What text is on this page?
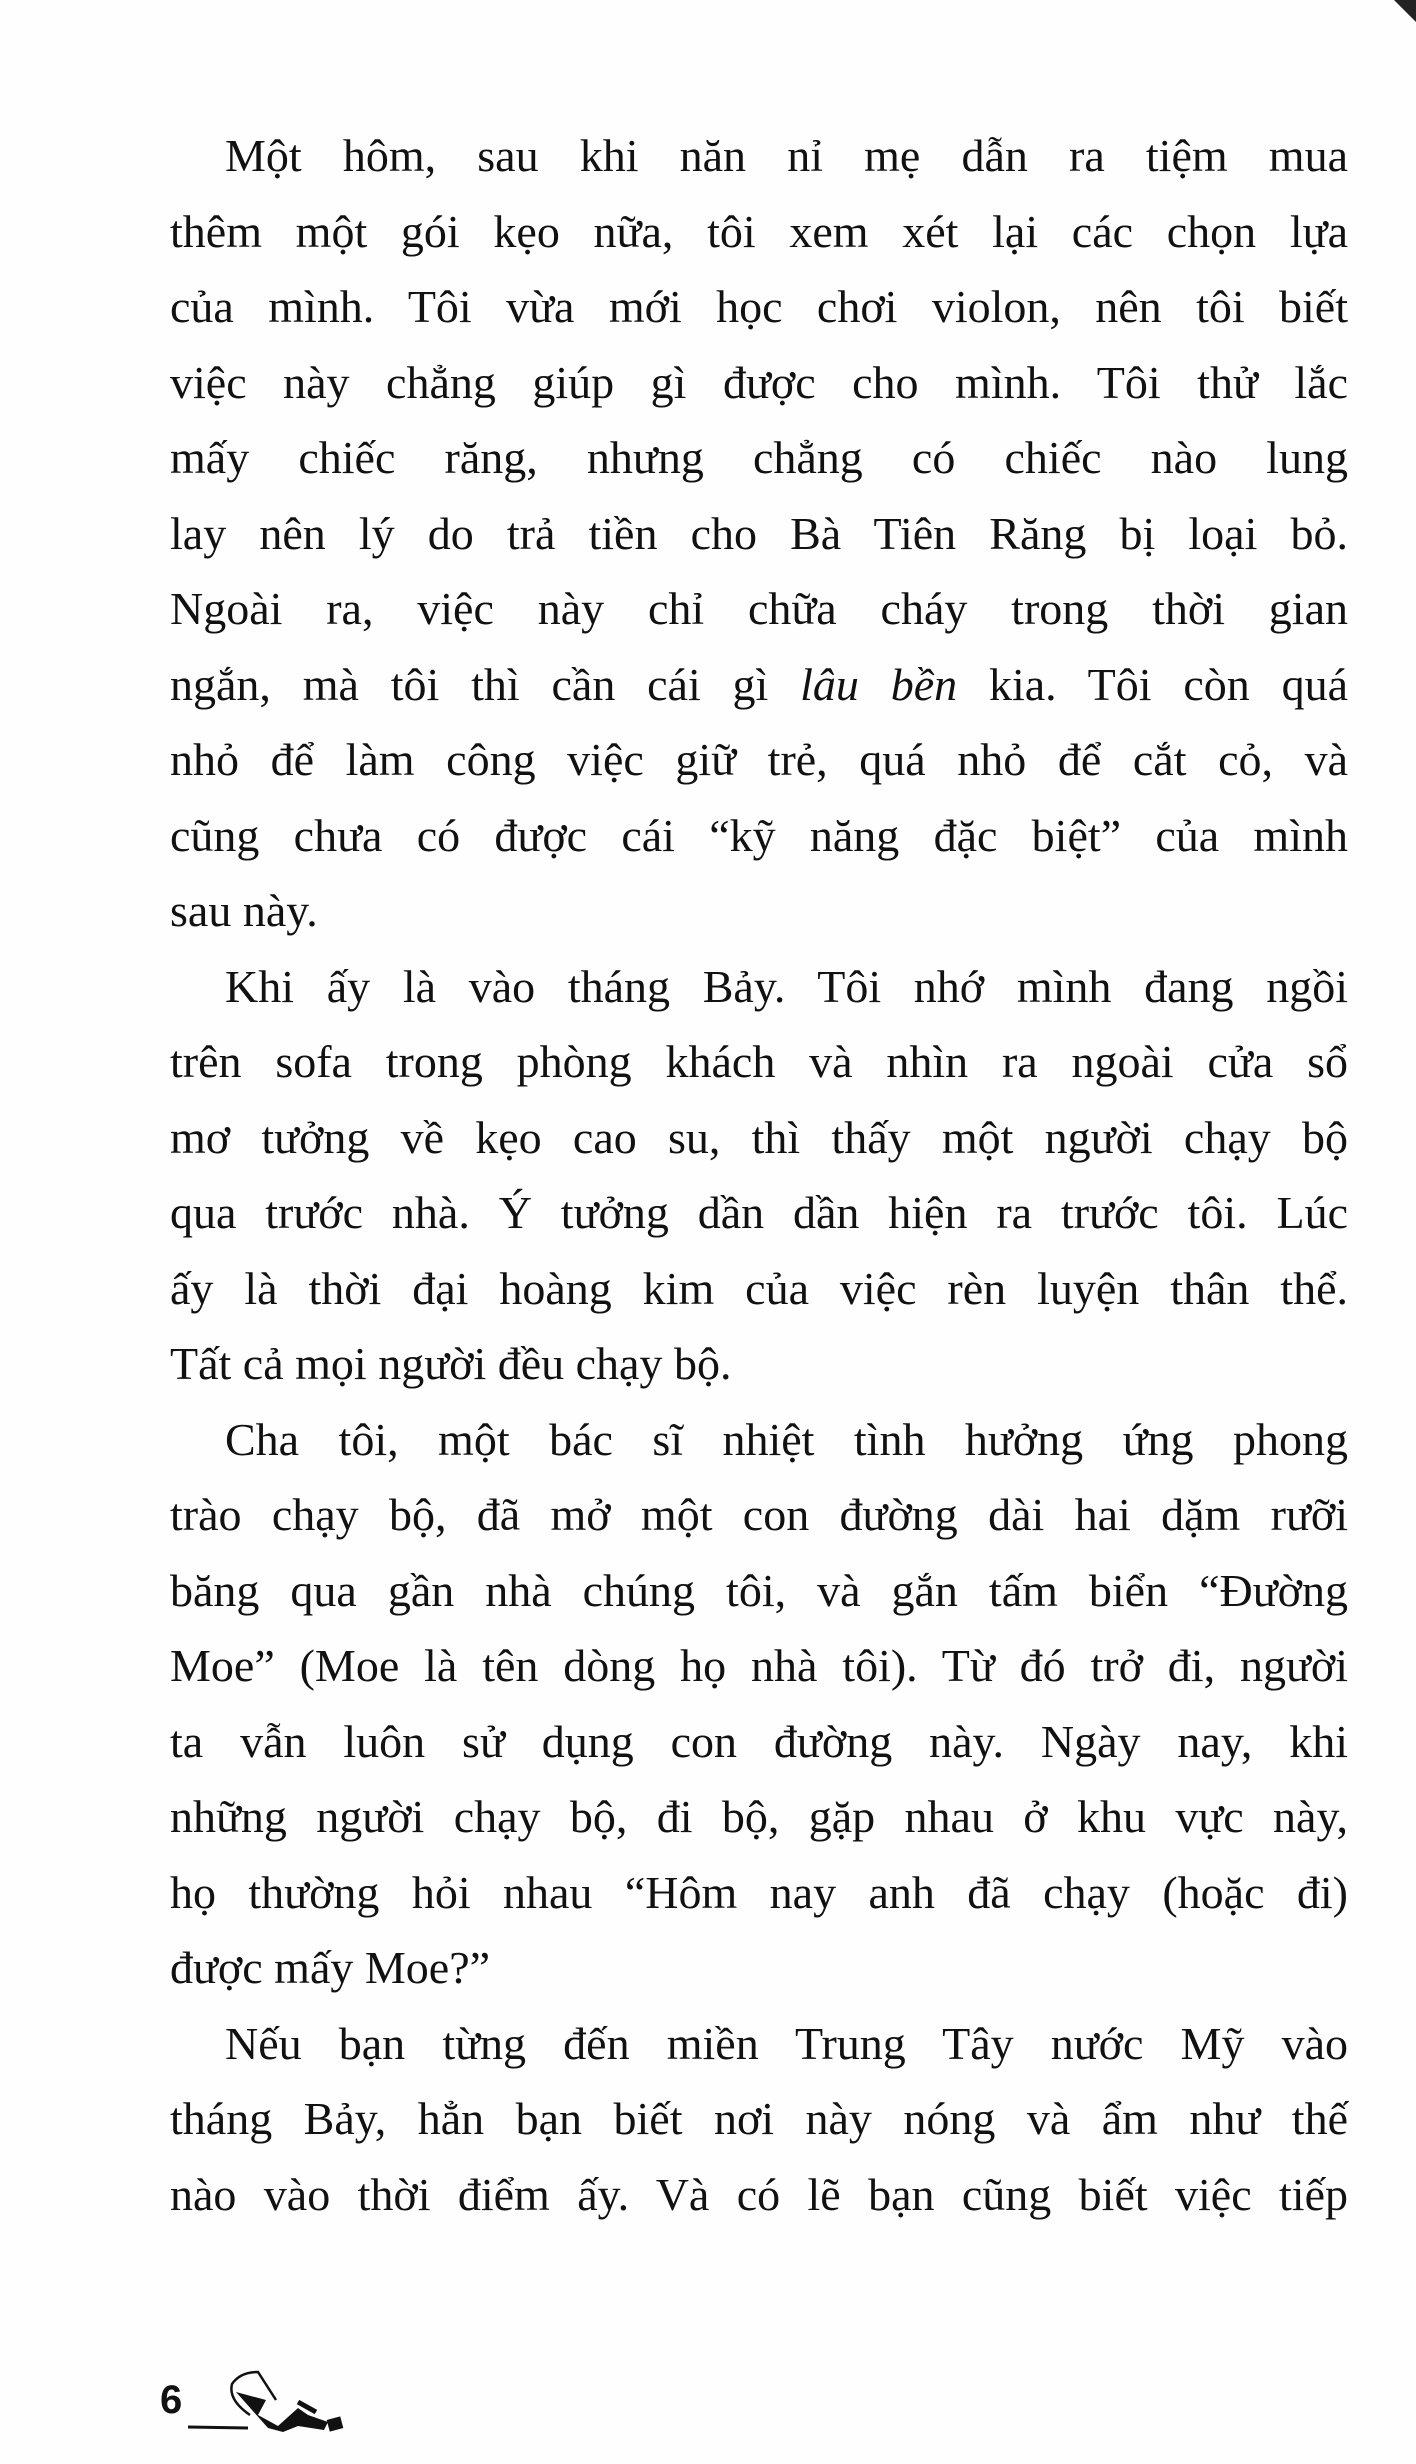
Một hôm, sau khi năn nỉ mẹ dẫn ra tiệm mua
thêm một gói kẹo nữa, tôi xem xét lại các chọn lựa
của mình. Tôi vừa mới học chơi violon, nên tôi biết
việc này chẳng giúp gì được cho mình. Tôi thử lắc
mấy chiếc răng, nhưng chẳng có chiếc nào lung
lay nên lý do trả tiền cho Bà Tiên Răng bị loại bỏ.
Ngoài ra, việc này chỉ chữa cháy trong thời gian
ngắn, mà tôi thì cần cái gì lâu bền kia. Tôi còn quá
nhỏ để làm công việc giữ trẻ, quá nhỏ để cắt cỏ, và
cũng chưa có được cái “kỹ năng đặc biệt” của mình
sau này.
Khi ấy là vào tháng Bảy. Tôi nhớ mình đang ngồi
trên sofa trong phòng khách và nhìn ra ngoài cửa sổ
mơ tưởng về kẹo cao su, thì thấy một người chạy bộ
qua trước nhà. Ý tưởng dần dần hiện ra trước tôi. Lúc
ấy là thời đại hoàng kim của việc rèn luyện thân thể.
Tất cả mọi người đều chạy bộ.
Cha tôi, một bác sĩ nhiệt tình hưởng ứng phong
trào chạy bộ, đã mở một con đường dài hai dặm rưỡi
băng qua gần nhà chúng tôi, và gắn tấm biển “Đường
Moe” (Moe là tên dòng họ nhà tôi). Từ đó trở đi, người
ta vẫn luôn sử dụng con đường này. Ngày nay, khi
những người chạy bộ, đi bộ, gặp nhau ở khu vực này,
họ thường hỏi nhau “Hôm nay anh đã chạy (hoặc đi)
được mấy Moe?”
Nếu bạn từng đến miền Trung Tây nước Mỹ vào
tháng Bảy, hẳn bạn biết nơi này nóng và ẩm như thế
nào vào thời điểm ấy. Và có lẽ bạn cũng biết việc tiếp
6
